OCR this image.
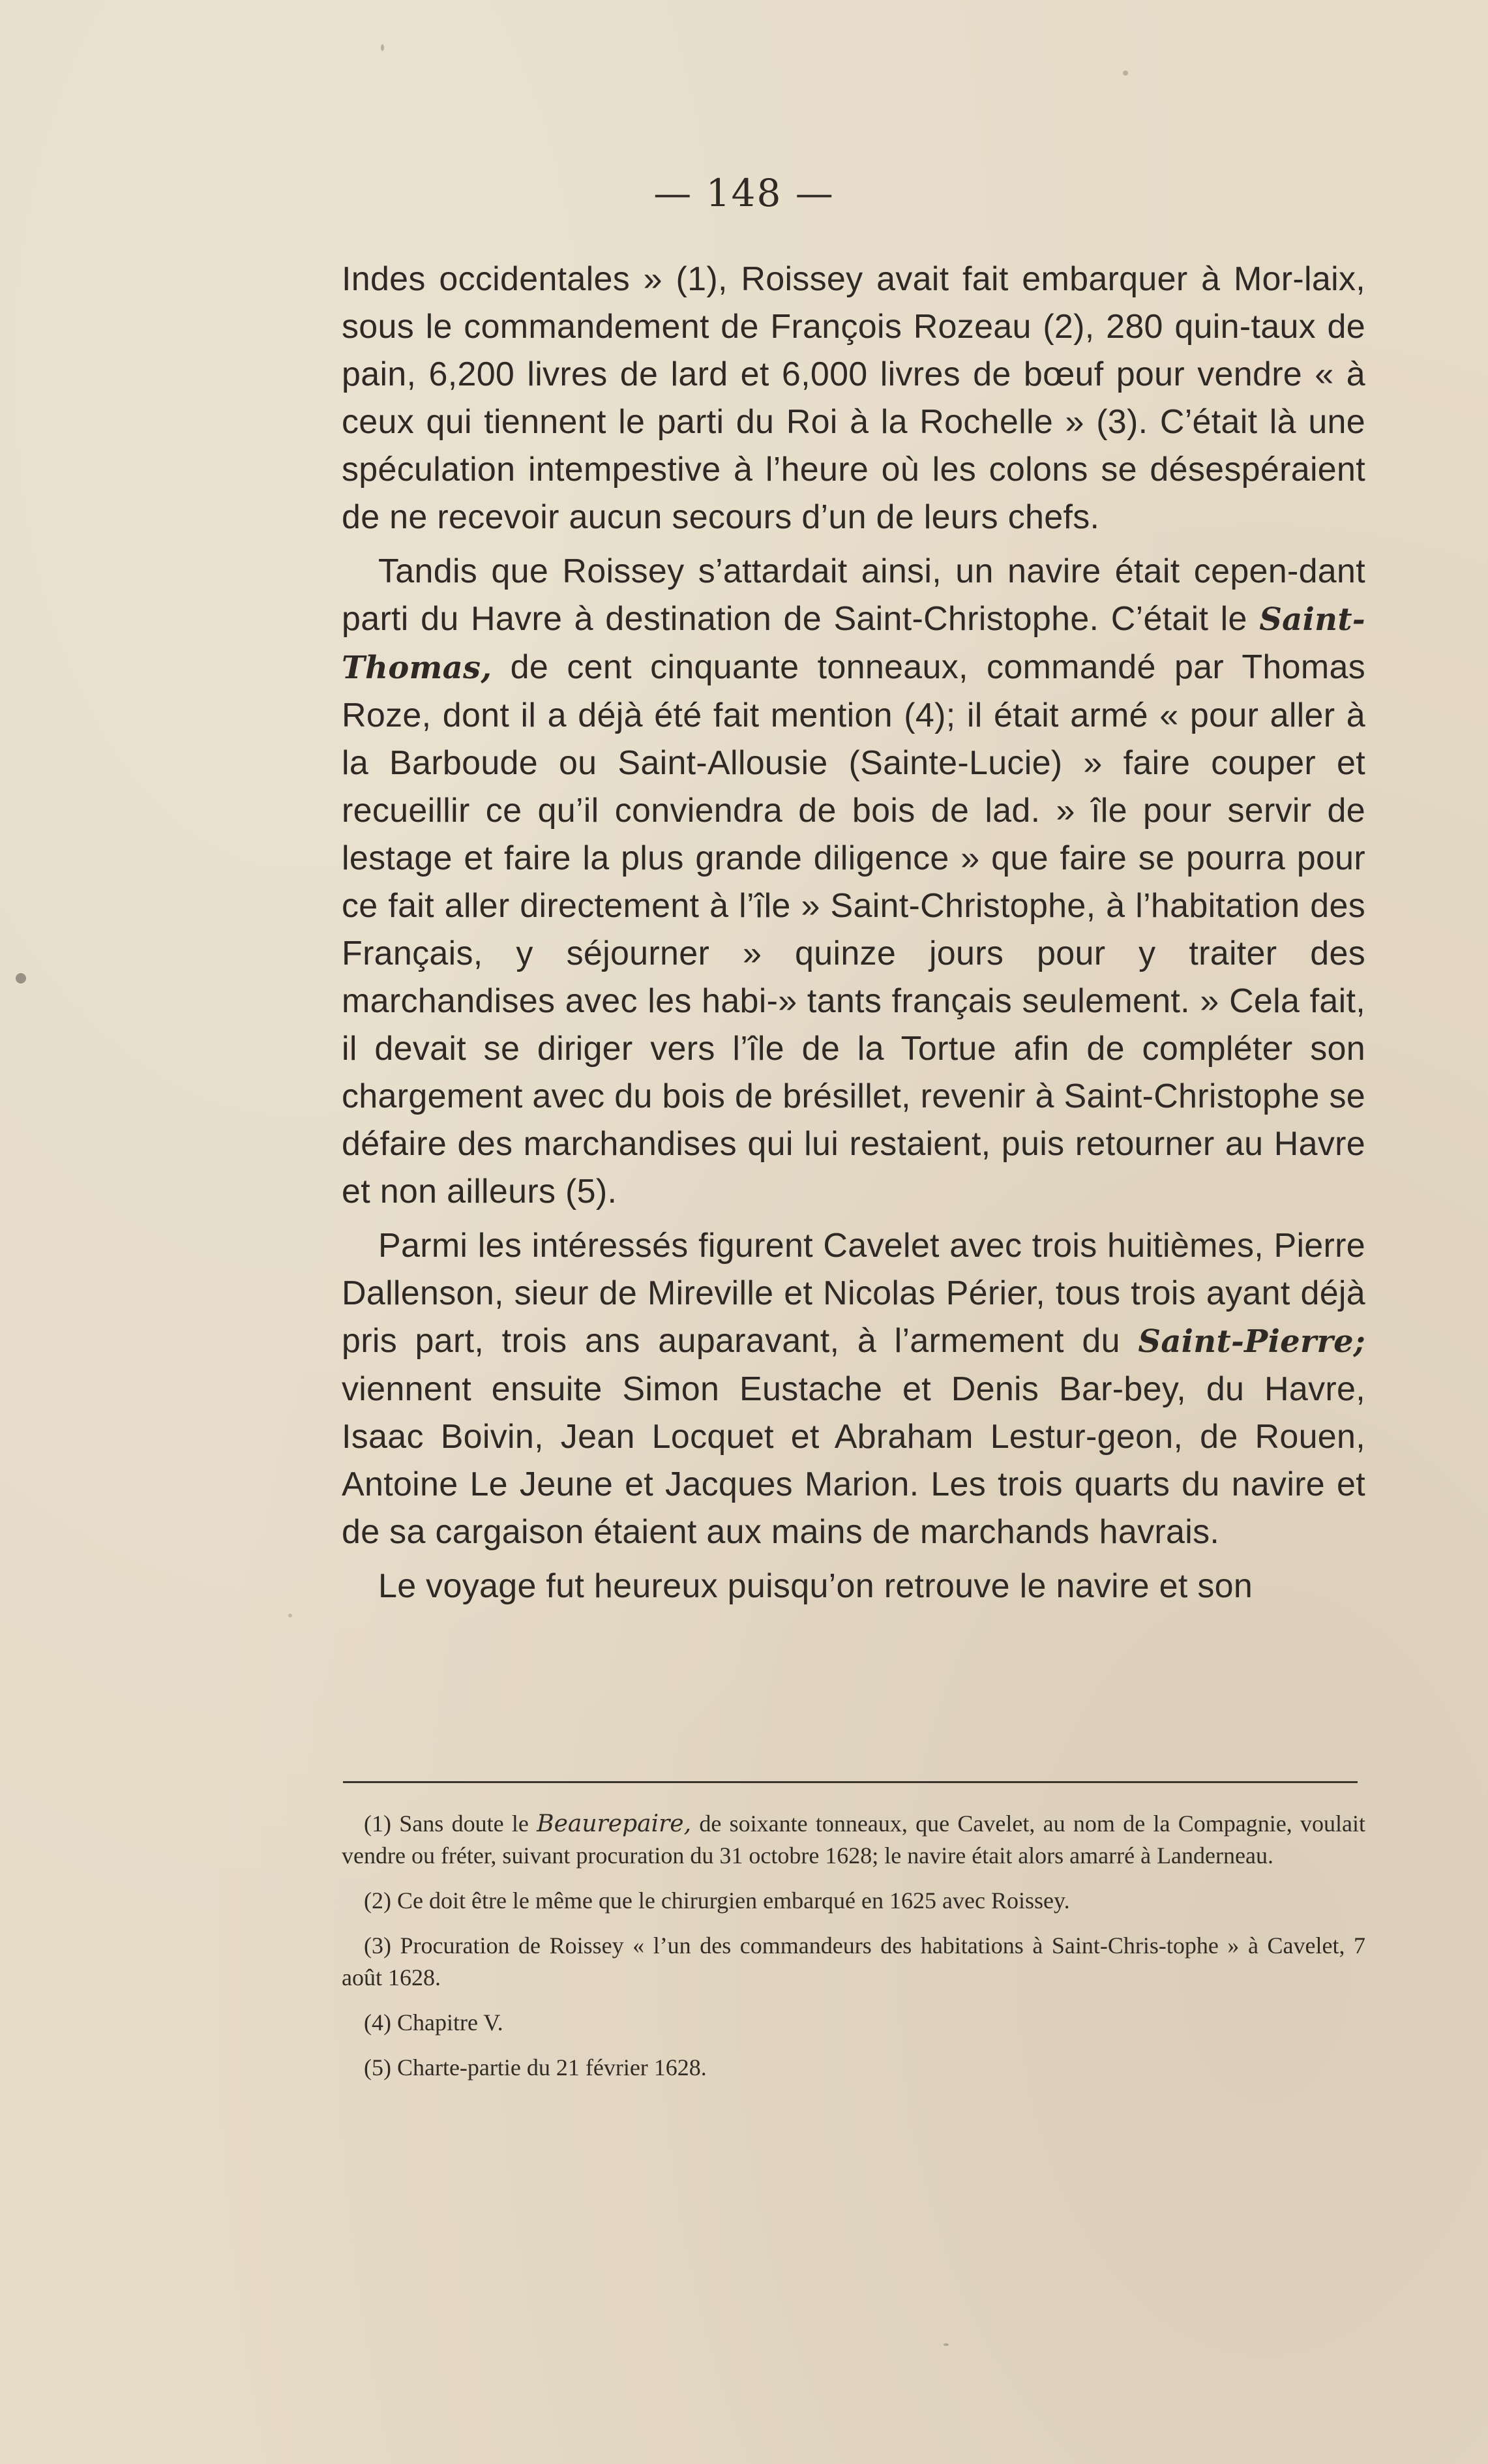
— 148 —

Indes occidentales » (1), Roissey avait fait embarquer à Mor-laix, sous le commandement de François Rozeau (2), 280 quin-taux de pain, 6,200 livres de lard et 6,000 livres de bœuf pour vendre « à ceux qui tiennent le parti du Roi à la Rochelle » (3). C’était là une spéculation intempestive à l’heure où les colons se désespéraient de ne recevoir aucun secours d’un de leurs chefs.

Tandis que Roissey s’attardait ainsi, un navire était cepen-dant parti du Havre à destination de Saint-Christophe. C’était le Saint-Thomas, de cent cinquante tonneaux, commandé par Thomas Roze, dont il a déjà été fait mention (4); il était armé « pour aller à la Barboude ou Saint-Allousie (Sainte-Lucie) » faire couper et recueillir ce qu’il conviendra de bois de lad. » île pour servir de lestage et faire la plus grande diligence » que faire se pourra pour ce fait aller directement à l’île » Saint-Christophe, à l’habitation des Français, y séjourner » quinze jours pour y traiter des marchandises avec les habi-» tants français seulement. » Cela fait, il devait se diriger vers l’île de la Tortue afin de compléter son chargement avec du bois de brésillet, revenir à Saint-Christophe se défaire des marchandises qui lui restaient, puis retourner au Havre et non ailleurs (5).

Parmi les intéressés figurent Cavelet avec trois huitièmes, Pierre Dallenson, sieur de Mireville et Nicolas Périer, tous trois ayant déjà pris part, trois ans auparavant, à l’armement du Saint-Pierre; viennent ensuite Simon Eustache et Denis Bar-bey, du Havre, Isaac Boivin, Jean Locquet et Abraham Lestur-geon, de Rouen, Antoine Le Jeune et Jacques Marion. Les trois quarts du navire et de sa cargaison étaient aux mains de marchands havrais.

Le voyage fut heureux puisqu’on retrouve le navire et son

(1) Sans doute le Beaurepaire, de soixante tonneaux, que Cavelet, au nom de la Compagnie, voulait vendre ou fréter, suivant procuration du 31 octobre 1628; le navire était alors amarré à Landerneau.

(2) Ce doit être le même que le chirurgien embarqué en 1625 avec Roissey.

(3) Procuration de Roissey « l’un des commandeurs des habitations à Saint-Chris-tophe » à Cavelet, 7 août 1628.

(4) Chapitre V.

(5) Charte-partie du 21 février 1628.
